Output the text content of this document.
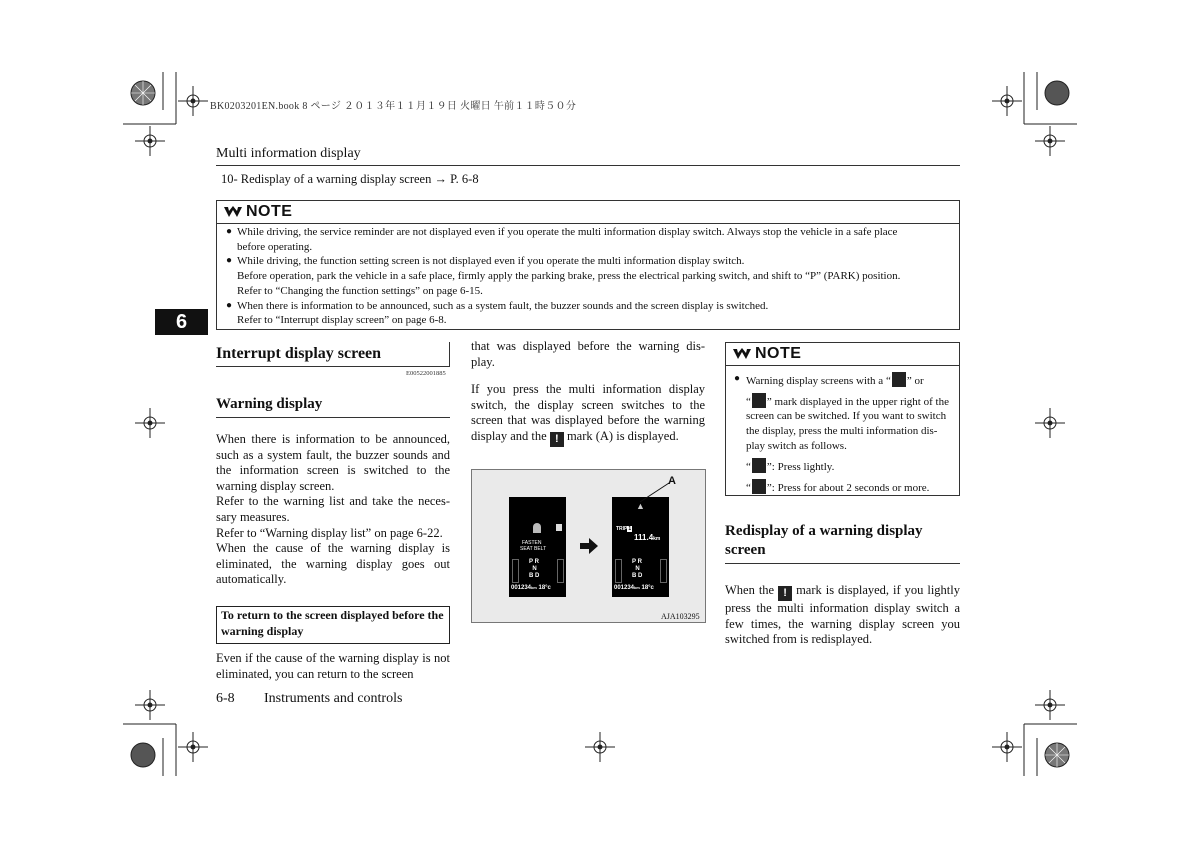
BK0203201EN.book 8 ページ ２０１３年１１月１９日 火曜日 午前１１時５０分
Multi information display
10- Redisplay of a warning display screen → P. 6-8
NOTE
● While driving, the service reminder are not displayed even if you operate the multi information display switch. Always stop the vehicle in a safe place
before operating.
● While driving, the function setting screen is not displayed even if you operate the multi information display switch.
Before operation, park the vehicle in a safe place, firmly apply the parking brake, press the electrical parking switch, and shift to “P” (PARK) position.
Refer to “Changing the function settings” on page 6-15.
● When there is information to be announced, such as a system fault, the buzzer sounds and the screen display is switched.
Refer to “Interrupt display screen” on page 6-8.
6
Interrupt display screen
E00522001885
Warning display

When there is information to be announced, such as a system fault, the buzzer sounds and the information screen is switched to the warning display screen.

Refer to the warning list and take the neces-sary measures.

Refer to “Warning display list” on page 6-22.

When the cause of the warning display is eliminated, the warning display goes out automatically.

To return to the screen displayed before the warning display
Even if the cause of the warning display is not eliminated, you can return to the screen

that was displayed before the warning dis-play.

If you press the multi information display switch, the display screen switches to the screen that was displayed before the warning display and the ! mark (A) is displayed.

FASTEN
SEAT BELT
P R
N
B D
001234km 18°c
▲
TRIP1
111.4km
P R
N
B D
001234km 18°c
A
AJA103295
NOTE
● Warning display screens with a “ ” or
“ ” mark displayed in the upper right of the
screen can be switched. If you want to switch
the display, press the multi information dis-
play switch as follows.
“ ”: Press lightly.
“ ”: Press for about 2 seconds or more.
Redisplay of a warning display screen
When the ! mark is displayed, if you lightly press the multi information display switch a few times, the warning display screen you switched from is redisplayed.
6-8 Instruments and controls
